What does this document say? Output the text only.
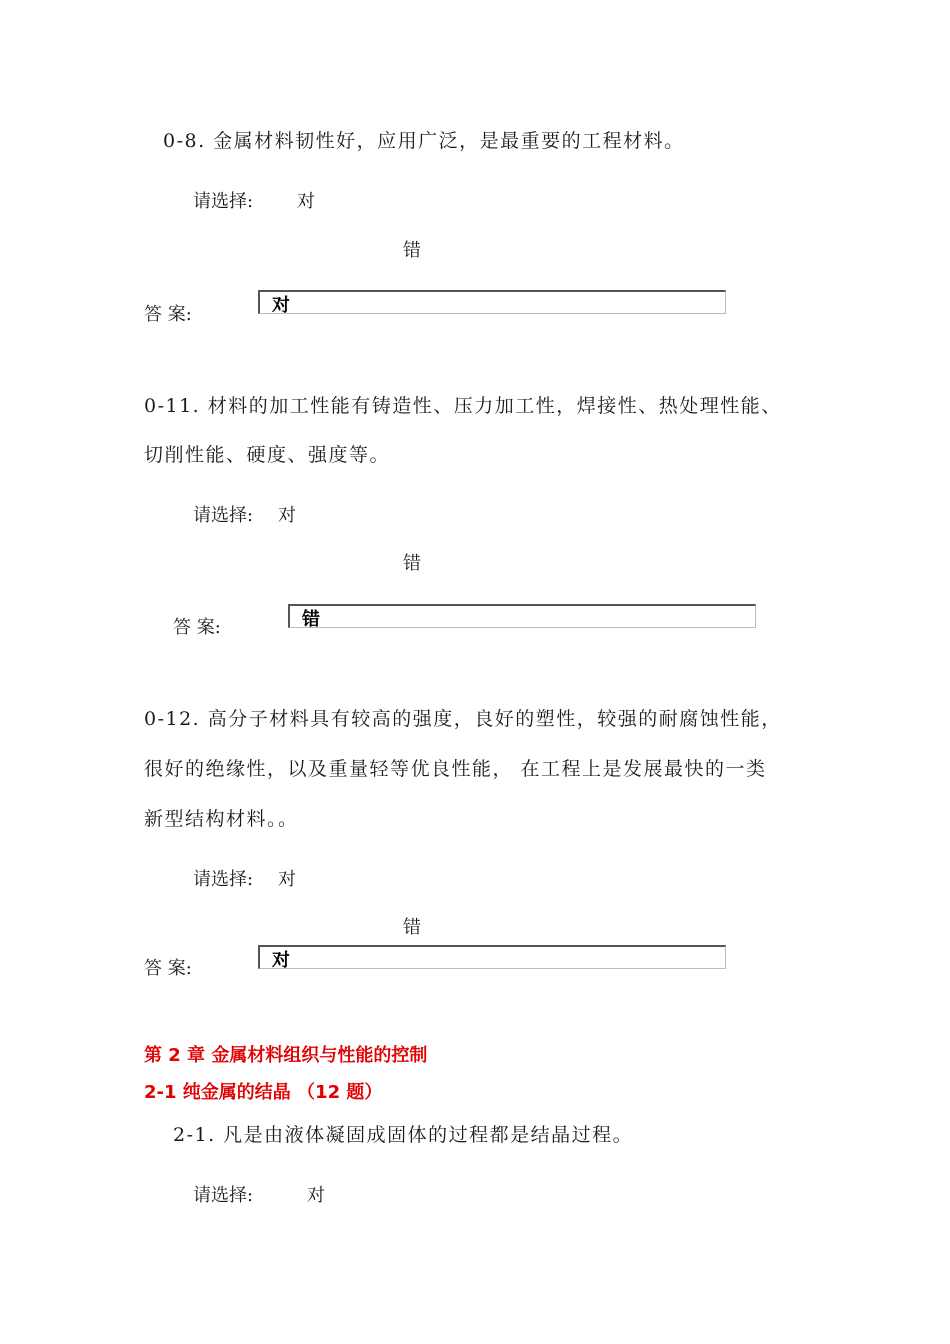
0-8. 金属材料韧性好，应用广泛，是最重要的工程材料。
请选择: 对
错
答 案:	对
0-11. 材料的加工性能有铸造性、压力加工性，焊接性、热处理性能、
切削性能、硬度、强度等。
请选择: 对
错
答 案:	错
0-12. 高分子材料具有较高的强度，良好的塑性，较强的耐腐蚀性能，
很好的绝缘性，以及重量轻等优良性能， 在工程上是发展最快的一类
新型结构材料。。
请选择: 对
错
答 案:	对
第 2 章 金属材料组织与性能的控制
2-1 纯金属的结晶 （12 题）
2-1. 凡是由液体凝固成固体的过程都是结晶过程。
请选择:	对
